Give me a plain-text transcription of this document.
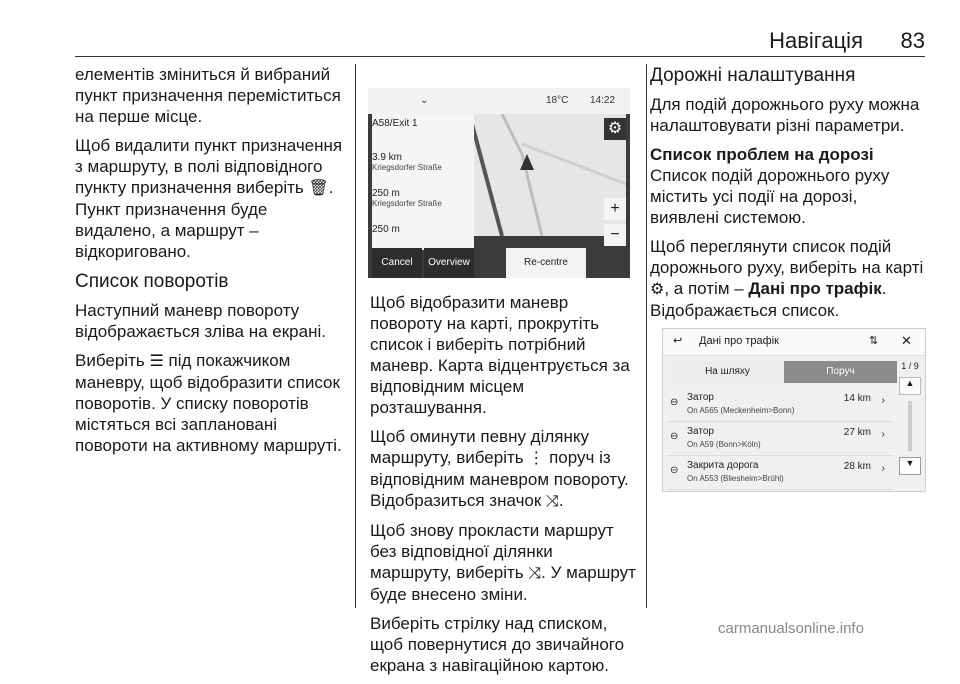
Навігація 83

елементів зміниться й вибраний пункт призначення переміститься на перше місце.

Щоб видалити пункт призначення з маршруту, в полі відповідного пункту призначення виберіть 🗑. Пункт призначення буде видалено, а маршрут – відкориговано.

Список поворотів

Наступний маневр повороту відображається зліва на екрані.

Виберіть ☰ під покажчиком маневру, щоб відобразити список поворотів. У списку поворотів містяться всі заплановані повороти на активному маршруті.

⌄	18°C 14:22
A58/Exit 1
3.9 km
Kriegsdorfer Straße
250 m
Kriegsdorfer Straße
250 m
⚙
+
−
Cancel	Overview	Re-centre

Щоб відобразити маневр повороту на карті, прокрутіть список і виберіть потрібний маневр. Карта відцентрується за відповідним місцем розташування.

Щоб оминути певну ділянку маршруту, виберіть ⋮ поруч із відповідним маневром повороту. Відобразиться значок ⤨.

Щоб знову прокласти маршрут без відповідної ділянки маршруту, виберіть ⤨. У маршрут буде внесено зміни.

Виберіть стрілку над списком, щоб повернутися до звичайного екрана з навігаційною картою.

Дорожні налаштування

Для подій дорожнього руху можна налаштовувати різні параметри.

Список проблем на дорозі

Список подій дорожнього руху містить усі події на дорозі, виявлені системою.

Щоб переглянути список подій дорожнього руху, виберіть на карті ⚙, а потім – Дані про трафік. Відображається список.

↩ Дані про трафік	⇅ ✕
На шляху	Поруч
⊖ Затор
On A565 (Meckenheim>Bonn)
14 km ›
⊖ Затор
On A59 (Bonn>Köln)
27 km ›
⊝ Закрита дорога
On A553 (Bliesheim>Brühl)
28 km ›
1 / 9
▲
▼
carmanualsonline.info
